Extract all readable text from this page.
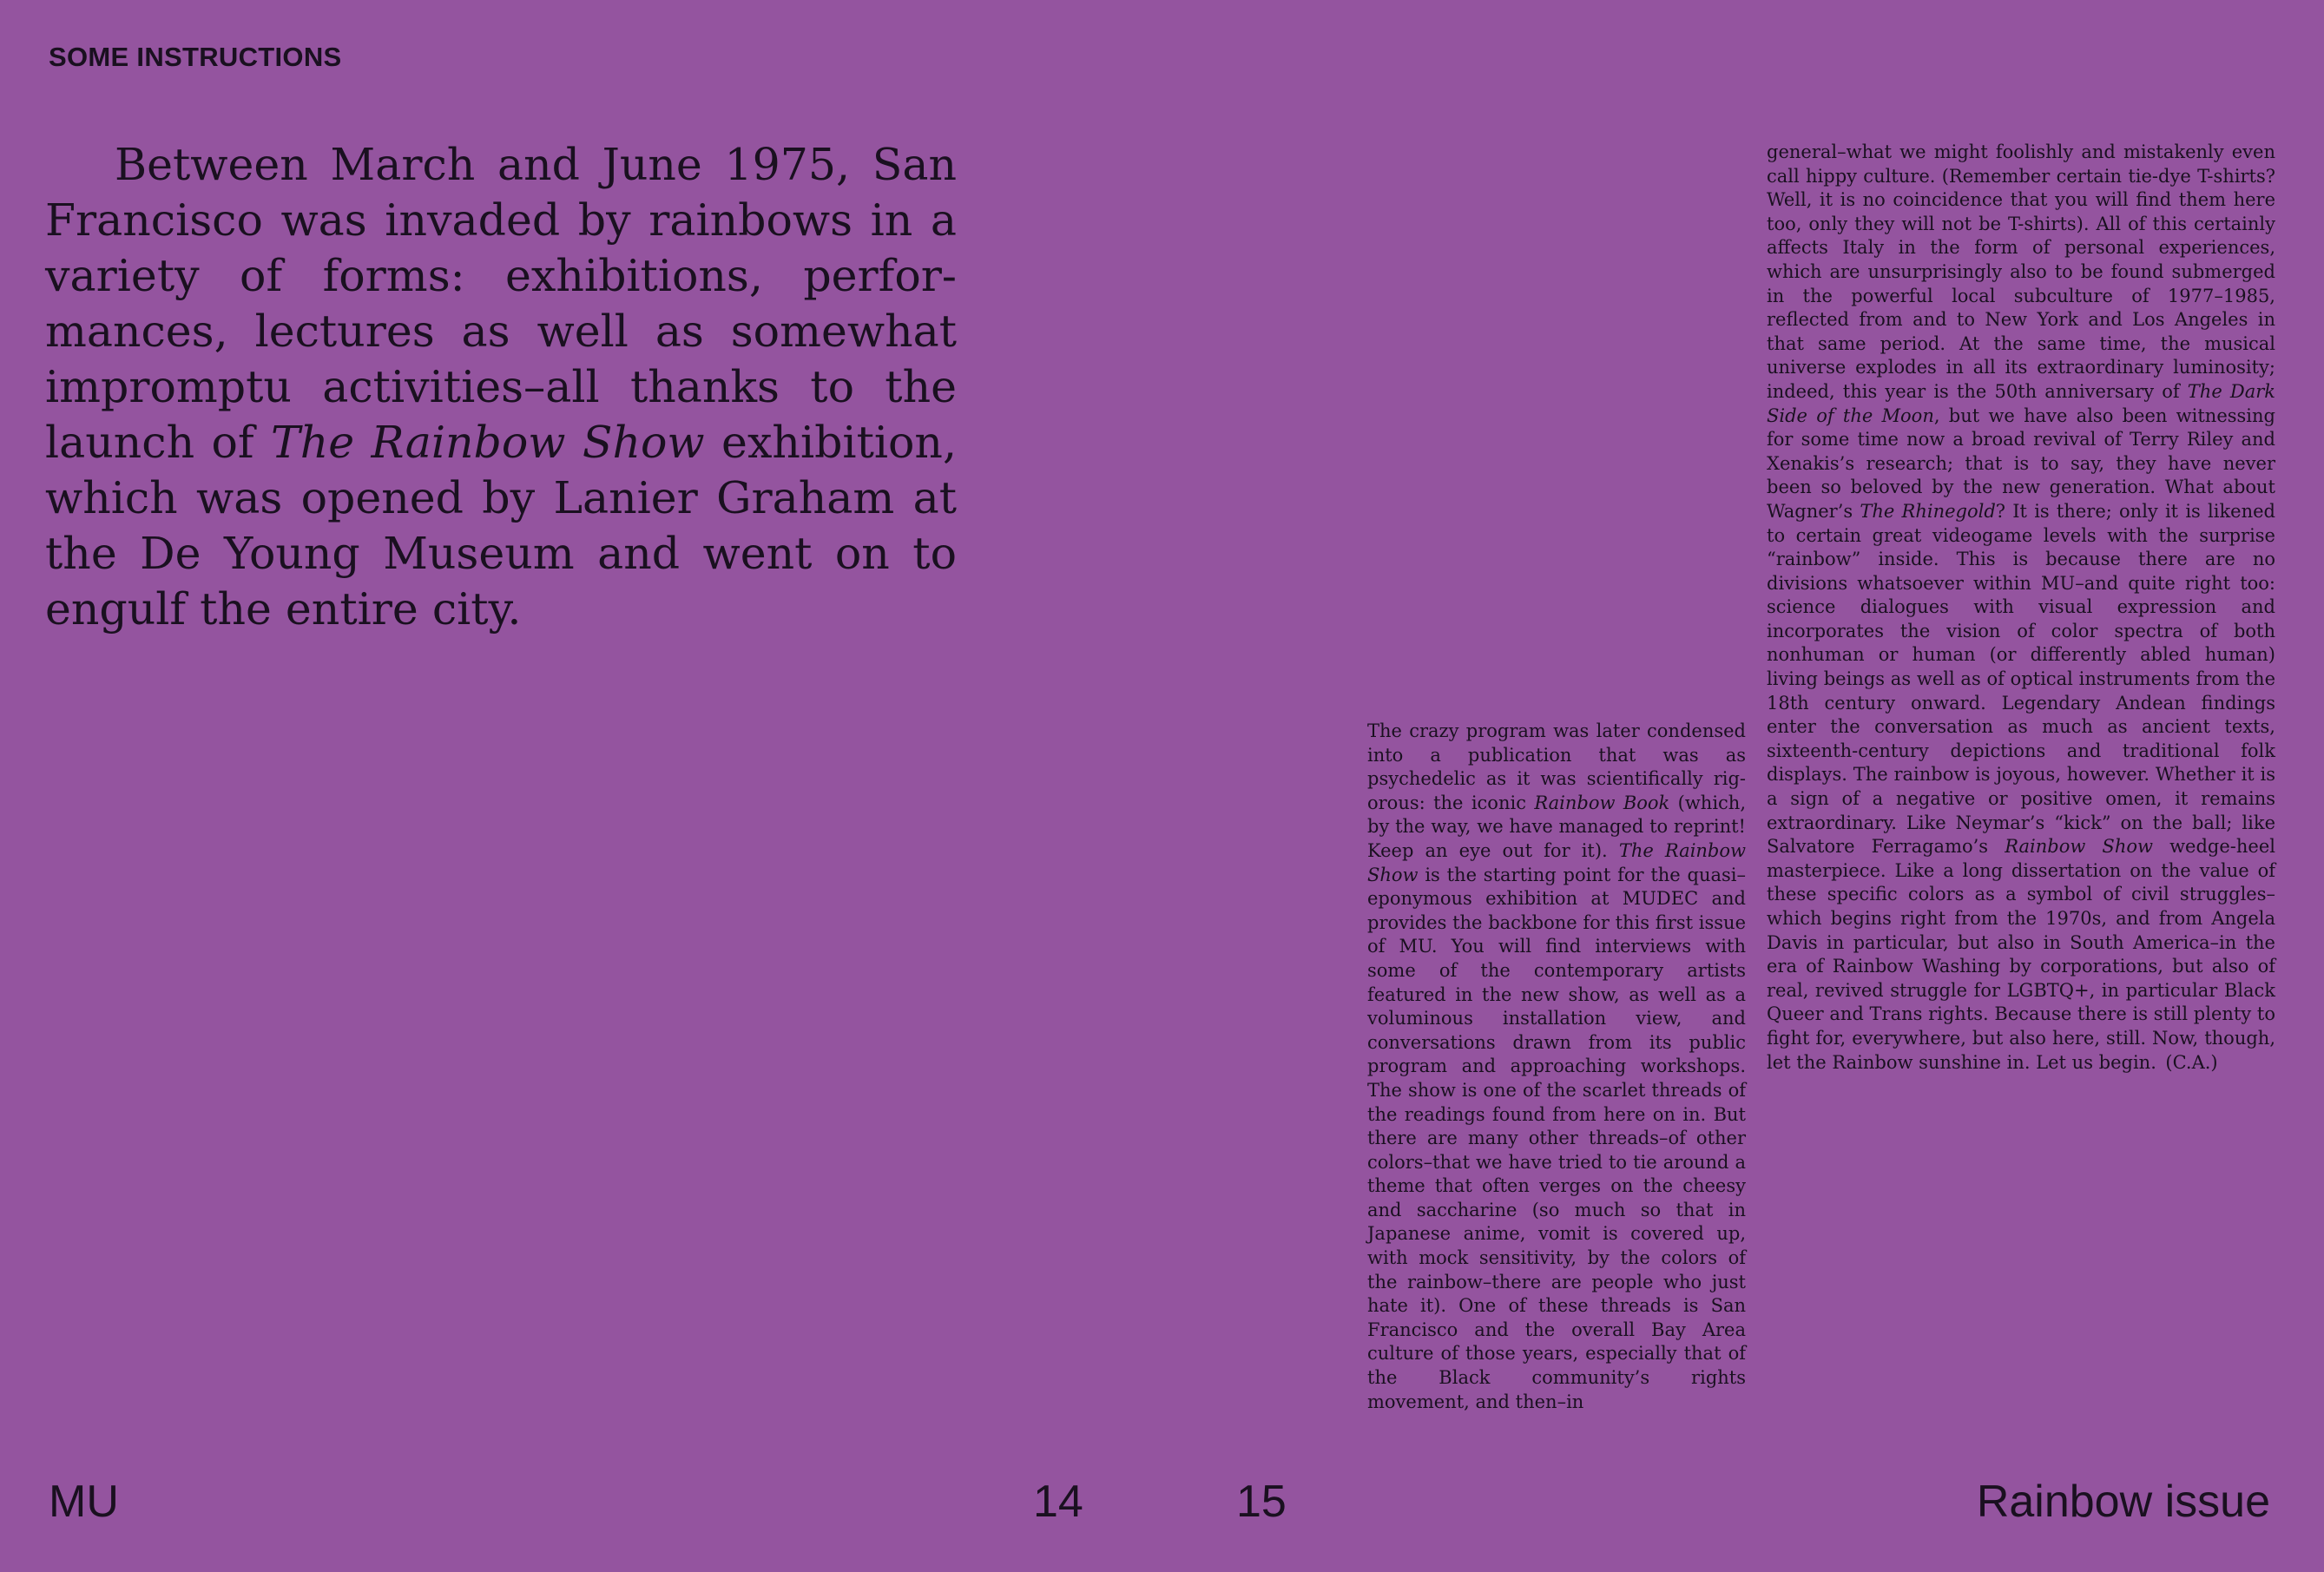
SOME INSTRUCTIONS
Between March and June 1975, San Francisco was invaded by rainbows in a variety of forms: exhibitions, performances, lectures as well as somewhat impromptu activities–all thanks to the launch of The Rainbow Show exhibition, which was opened by Lanier Graham at the De Young Museum and went on to engulf the entire city.
The crazy program was later condensed into a publication that was as psychedelic as it was scientifically rigorous: the iconic Rainbow Book (which, by the way, we have managed to reprint! Keep an eye out for it). The Rainbow Show is the starting point for the quasi–eponymous exhibition at MUDEC and provides the backbone for this first issue of MU. You will find interviews with some of the contemporary artists featured in the new show, as well as a voluminous installation view, and conversations drawn from its public program and approaching workshops. The show is one of the scarlet threads of the readings found from here on in. But there are many other threads–of other colors–that we have tried to tie around a theme that often verges on the cheesy and saccharine (so much so that in Japanese anime, vomit is covered up, with mock sensitivity, by the colors of the rainbow–there are people who just hate it). One of these threads is San Francisco and the overall Bay Area culture of those years, especially that of the Black community’s rights movement, and then–in
general–what we might foolishly and mistakenly even call hippy culture. (Remember certain tie-dye T-shirts? Well, it is no coincidence that you will find them here too, only they will not be T-shirts). All of this certainly affects Italy in the form of personal experiences, which are unsurprisingly also to be found submerged in the powerful local subculture of 1977–1985, reflected from and to New York and Los Angeles in that same period. At the same time, the musical universe explodes in all its extraordinary luminosity; indeed, this year is the 50th anniversary of The Dark Side of the Moon, but we have also been witnessing for some time now a broad revival of Terry Riley and Xenakis’s research; that is to say, they have never been so beloved by the new generation. What about Wagner’s The Rhinegold? It is there; only it is likened to certain great videogame levels with the surprise “rainbow” inside. This is because there are no divisions whatsoever within MU–and quite right too: science dialogues with visual expression and incorporates the vision of color spectra of both nonhuman or human (or differently abled human) living beings as well as of optical instruments from the 18th century onward. Legendary Andean findings enter the conversation as much as ancient texts, sixteenth-century depictions and traditional folk displays. The rainbow is joyous, however. Whether it is a sign of a negative or positive omen, it remains extraordinary. Like Neymar’s “kick” on the ball; like Salvatore Ferragamo’s Rainbow Show wedge-heel masterpiece. Like a long dissertation on the value of these specific colors as a symbol of civil struggles–which begins right from the 1970s, and from Angela Davis in particular, but also in South America–in the era of Rainbow Washing by corporations, but also of real, revived struggle for LGBTQ+, in particular Black Queer and Trans rights. Because there is still plenty to fight for, everywhere, but also here, still. Now, though, let the Rainbow sunshine in. Let us begin. (C.A.)
MU	14	15	Rainbow issue
